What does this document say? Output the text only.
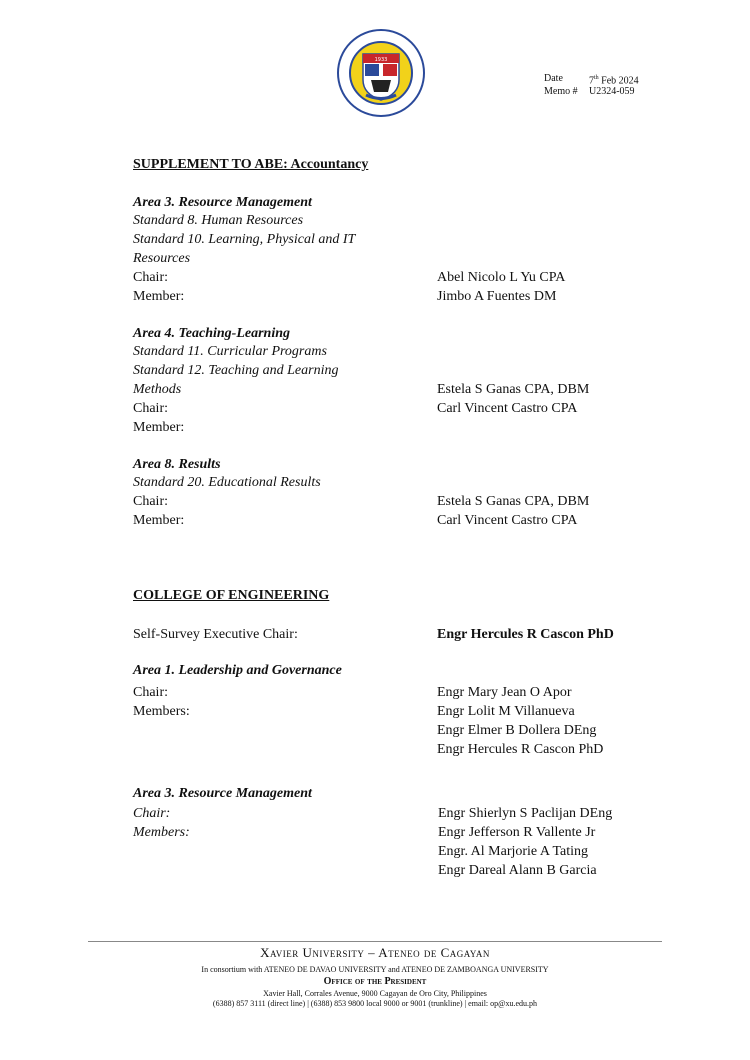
1933
Date	7th Feb 2024
Memo # U2324-059
SUPPLEMENT TO ABE: Accountancy
Area 3. Resource Management
Standard 8. Human Resources
Standard 10. Learning, Physical and IT
Resources
Chair:	Abel Nicolo L Yu CPA
Member:	Jimbo A Fuentes DM
Area 4. Teaching-Learning
Standard 11. Curricular Programs
Standard 12. Teaching and Learning
Methods	Estela S Ganas CPA, DBM
Chair:	Carl Vincent Castro CPA
Member:
Area 8. Results
Standard 20. Educational Results
Chair:	Estela S Ganas CPA, DBM
Member:	Carl Vincent Castro CPA
COLLEGE OF ENGINEERING
Self-Survey Executive Chair:	Engr Hercules R Cascon PhD
Area 1. Leadership and Governance
Chair:	Engr Mary Jean O Apor
Members:	Engr Lolit M Villanueva
Engr Elmer B Dollera DEng
Engr Hercules R Cascon PhD
Area 3. Resource Management
Chair:	Engr Shierlyn S Paclijan DEng
Members:	Engr Jefferson R Vallente Jr
Engr. Al Marjorie A Tating
Engr Dareal Alann B Garcia
Xavier University – Ateneo de Cagayan
In consortium with ATENEO DE DAVAO UNIVERSITY and ATENEO DE ZAMBOANGA UNIVERSITY
Office of the President
Xavier Hall, Corrales Avenue, 9000 Cagayan de Oro City, Philippines
(6388) 857 3111 (direct line) | (6388) 853 9800 local 9000 or 9001 (trunkline) | email: op@xu.edu.ph
